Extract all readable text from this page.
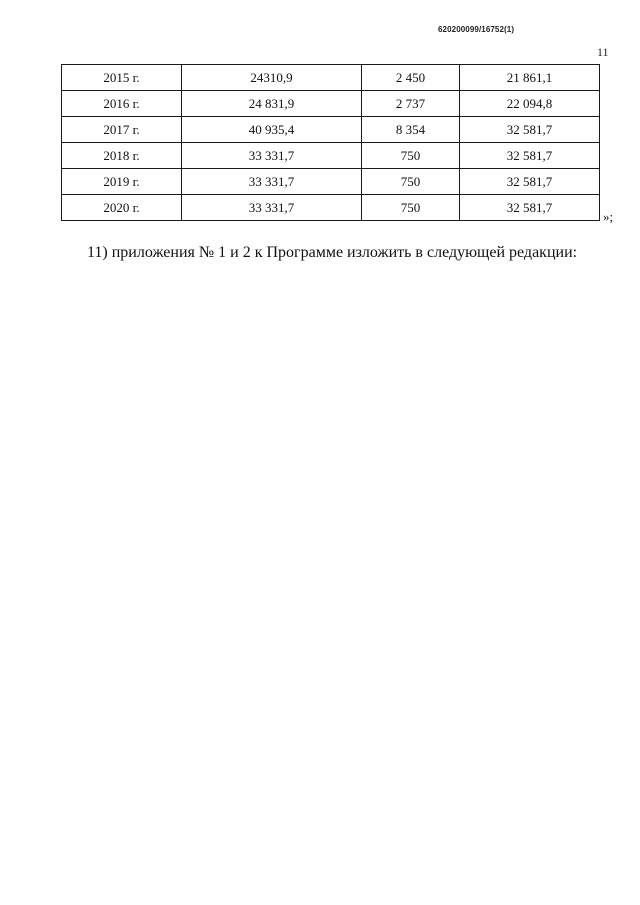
620200099/16752(1)
11
2015 г.	24310,9	2 450	21 861,1
2016 г.	24 831,9	2 737	22 094,8
2017 г.	40 935,4	8 354	32 581,7
2018 г.	33 331,7	750	32 581,7
2019 г.	33 331,7	750	32 581,7
2020 г.	33 331,7	750	32 581,7
»;
11) приложения № 1 и 2 к Программе изложить в следующей редакции:
